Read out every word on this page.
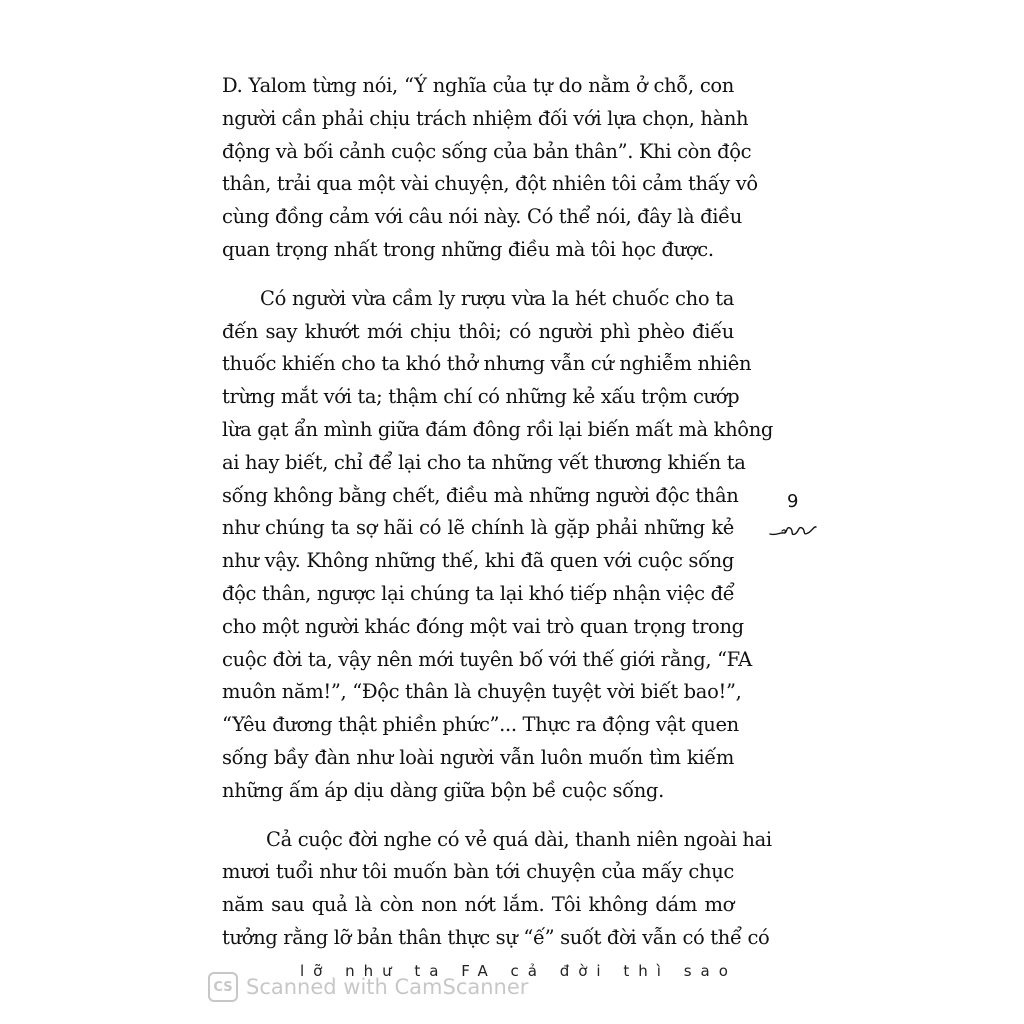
D. Yalom từng nói, “Ý nghĩa của tự do nằm ở chỗ, con
người cần phải chịu trách nhiệm đối với lựa chọn, hành
động và bối cảnh cuộc sống của bản thân”. Khi còn độc
thân, trải qua một vài chuyện, đột nhiên tôi cảm thấy vô
cùng đồng cảm với câu nói này. Có thể nói, đây là điều
quan trọng nhất trong những điều mà tôi học được.

Có người vừa cầm ly rượu vừa la hét chuốc cho ta
đến say khướt mới chịu thôi; có người phì phèo điếu
thuốc khiến cho ta khó thở nhưng vẫn cứ nghiễm nhiên
trừng mắt với ta; thậm chí có những kẻ xấu trộm cướp
lừa gạt ẩn mình giữa đám đông rồi lại biến mất mà không
ai hay biết, chỉ để lại cho ta những vết thương khiến ta
sống không bằng chết, điều mà những người độc thân
như chúng ta sợ hãi có lẽ chính là gặp phải những kẻ
như vậy. Không những thế, khi đã quen với cuộc sống
độc thân, ngược lại chúng ta lại khó tiếp nhận việc để
cho một người khác đóng một vai trò quan trọng trong
cuộc đời ta, vậy nên mới tuyên bố với thế giới rằng, “FA
muôn năm!”, “Độc thân là chuyện tuyệt vời biết bao!”,
“Yêu đương thật phiền phức”... Thực ra động vật quen
sống bầy đàn như loài người vẫn luôn muốn tìm kiếm
những ấm áp dịu dàng giữa bộn bề cuộc sống.

Cả cuộc đời nghe có vẻ quá dài, thanh niên ngoài hai
mươi tuổi như tôi muốn bàn tới chuyện của mấy chục
năm sau quả là còn non nớt lắm. Tôi không dám mơ
tưởng rằng lỡ bản thân thực sự “ế” suốt đời vẫn có thể có

9
lỡ như ta FA cả đời thì sao
CS Scanned with CamScanner
